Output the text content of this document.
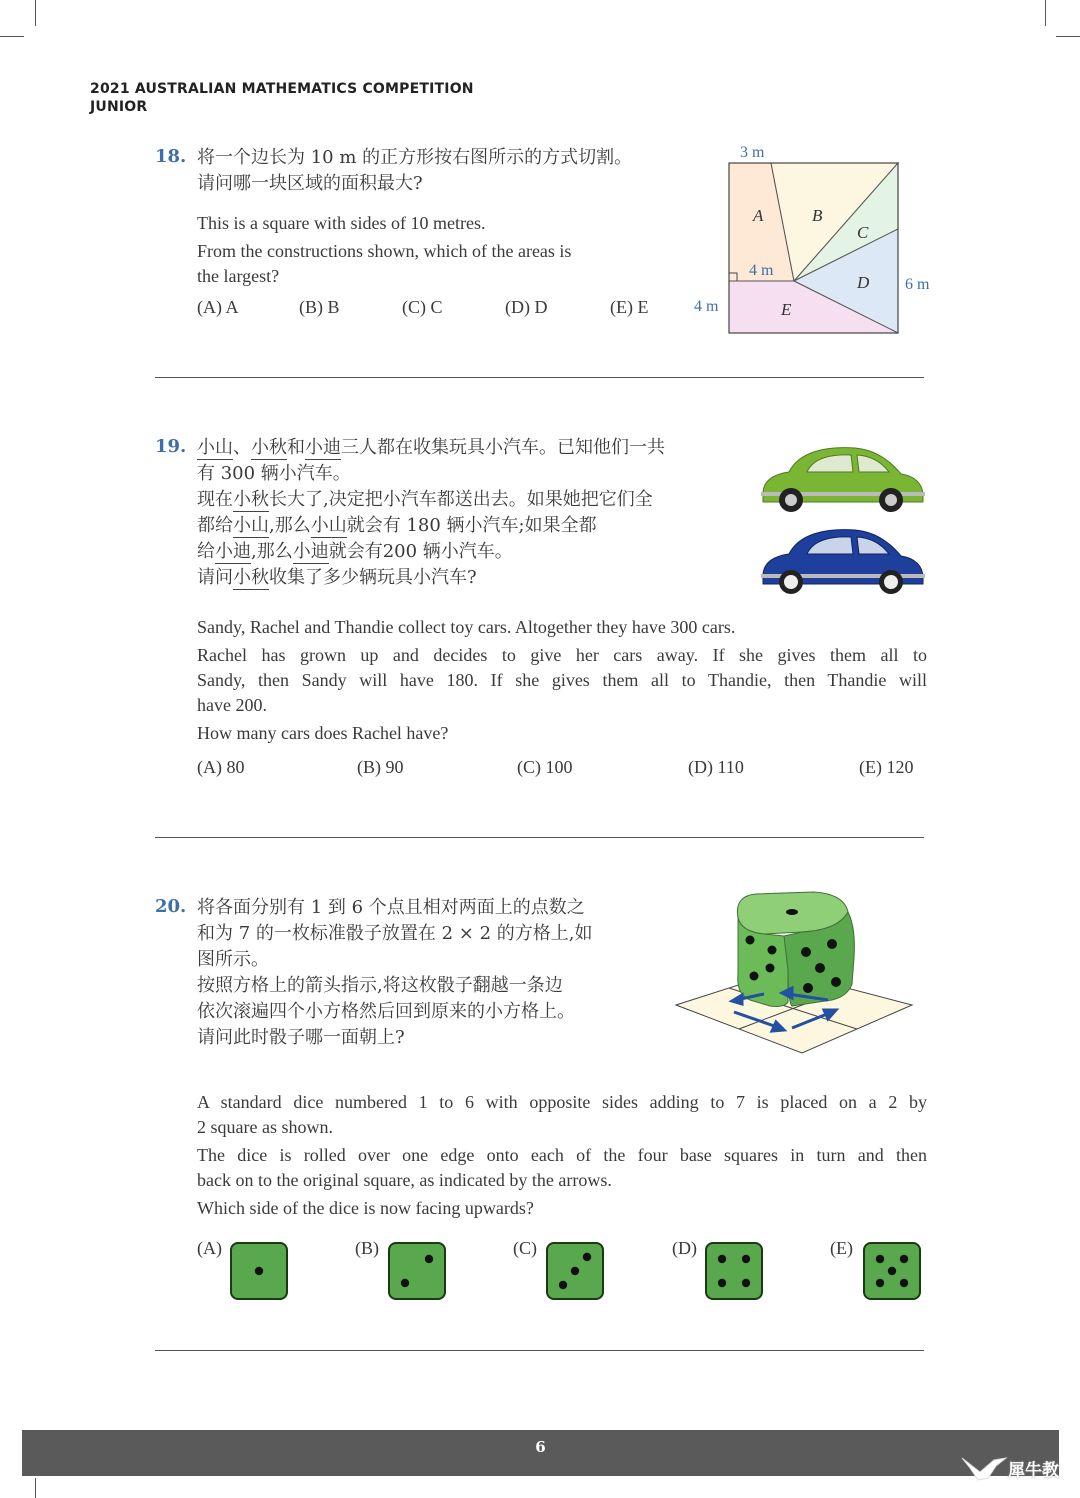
2021 AUSTRALIAN MATHEMATICS COMPETITION
JUNIOR
18. 将一个边长为 10 m 的正方形按右图所示的方式切割。

请问哪一块区域的面积最大?

This is a square with sides of 10 metres.

From the constructions shown, which of the areas is

the largest?

(A) A	(B) B	(C) C	(D) D	(E) E
3 m
4 m
6 m
4 m
A	B
C
D
E
19. 小山、小秋和小迪三人都在收集玩具小汽车。已知他们一共

有 300 辆小汽车。

现在小秋长大了,决定把小汽车都送出去。如果她把它们全

都给小山,那么小山就会有 180 辆小汽车;如果全都

给小迪,那么小迪就会有200 辆小汽车。

请问小秋收集了多少辆玩具小汽车?

Sandy, Rachel and Thandie collect toy cars. Altogether they have 300 cars.

Rachel has grown up and decides to give her cars away. If she gives them all to

Sandy, then Sandy will have 180. If she gives them all to Thandie, then Thandie will

have 200.

How many cars does Rachel have?

(A) 80	(B) 90	(C) 100	(D) 110	(E) 120
20. 将各面分别有 1 到 6 个点且相对两面上的点数之

和为 7 的一枚标准骰子放置在 2 × 2 的方格上,如

图所示。

按照方格上的箭头指示,将这枚骰子翻越一条边

依次滚遍四个小方格然后回到原来的小方格上。

请问此时骰子哪一面朝上?

A standard dice numbered 1 to 6 with opposite sides adding to 7 is placed on a 2 by

2 square as shown.

The dice is rolled over one edge onto each of the four base squares in turn and then

back on to the original square, as indicated by the arrows.

Which side of the dice is now facing upwards?

(A)	(B)	(C)	(D)	(E)
6
犀牛教
